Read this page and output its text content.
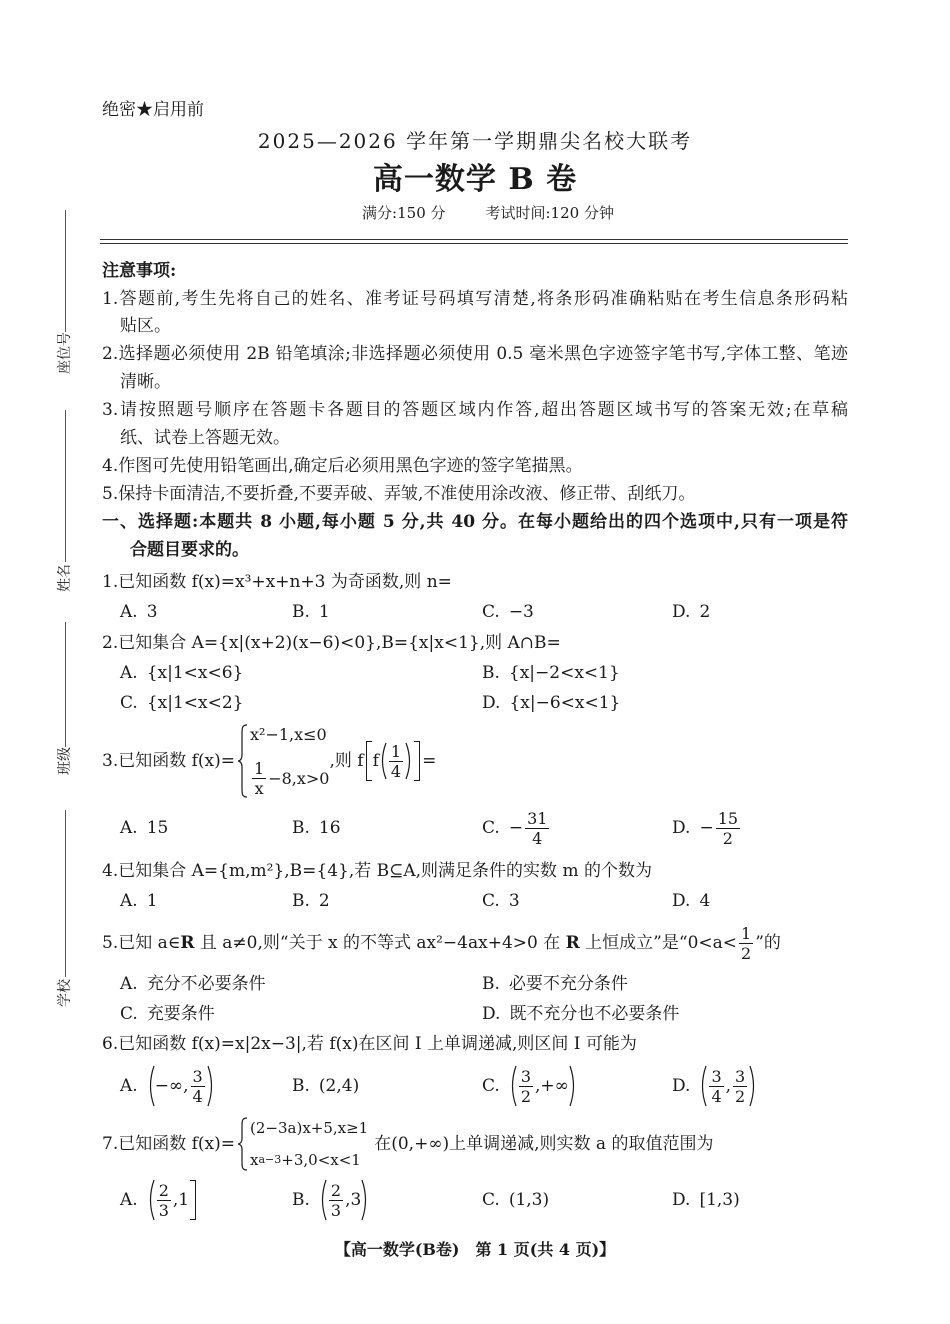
座位号
姓名
班级
学校
绝密★启用前
2025—2026 学年第一学期鼎尖名校大联考
高一数学 B 卷
满分:150 分	考试时间:120 分钟
注意事项:
1.答题前,考生先将自己的姓名、准考证号码填写清楚,将条形码准确粘贴在考生信息条形码粘
贴区。
2.选择题必须使用 2B 铅笔填涂;非选择题必须使用 0.5 毫米黑色字迹签字笔书写,字体工整、笔迹
清晰。
3.请按照题号顺序在答题卡各题目的答题区域内作答,超出答题区域书写的答案无效;在草稿
纸、试卷上答题无效。
4.作图可先使用铅笔画出,确定后必须用黑色字迹的签字笔描黑。
5.保持卡面清洁,不要折叠,不要弄破、弄皱,不准使用涂改液、修正带、刮纸刀。
一、选择题:本题共 8 小题,每小题 5 分,共 40 分。在每小题给出的四个选项中,只有一项是符
合题目要求的。
1.已知函数 f(x)=x³+x+n+3 为奇函数,则 n=
A. 3	B. 1	C. −3	D. 2
2.已知集合 A={x|(x+2)(x−6)<0},B={x|x<1},则 A∩B=
A. {x|1<x<6}	B. {x|−2<x<1}
C. {x|1<x<2}	D. {x|−6<x<1}
3.已知函数 f(x)=
x²−1,x≤0
$\frac{1}{x} -8,x>0$
,则 f f $\frac{1}{4}$ =
A. 15	B. 16	C. − $\frac{31}{4}$	D. − $\frac{15}{2}$
4.已知集合 A={m,m²},B={4},若 B⊆A,则满足条件的实数 m 的个数为
A. 1	B. 2	C. 3	D. 4
5.已知 a∈ R 且 a≠0,则“关于 x 的不等式 ax²−4ax+4>0 在 R 上恒成立”是“$0<a< \frac{1}{2}$ ”的
A. 充分不必要条件	B. 必要不充分条件
C. 充要条件	D. 既不充分也不必要条件
6.已知函数 f(x)=x|2x−3|,若 f(x)在区间 I 上单调递减,则区间 I 可能为
A. −∞, $\frac{3}{4}$	B. (2,4)	C. $\frac{3}{2}$ ,+∞	D. $\frac{3}{4}$ , $\frac{3}{2}$
7.已知函数 f(x)=
(2−3a)x+5,x≥1
x a−3 +3,0<x<1
在(0,+∞)上单调递减,则实数 a 的取值范围为
A. $\frac{2}{3} ,1$	B. $\frac{2}{3} ,3$	C. (1,3)	D. [1,3)
【高一数学(B卷)　第 1 页(共 4 页)】
